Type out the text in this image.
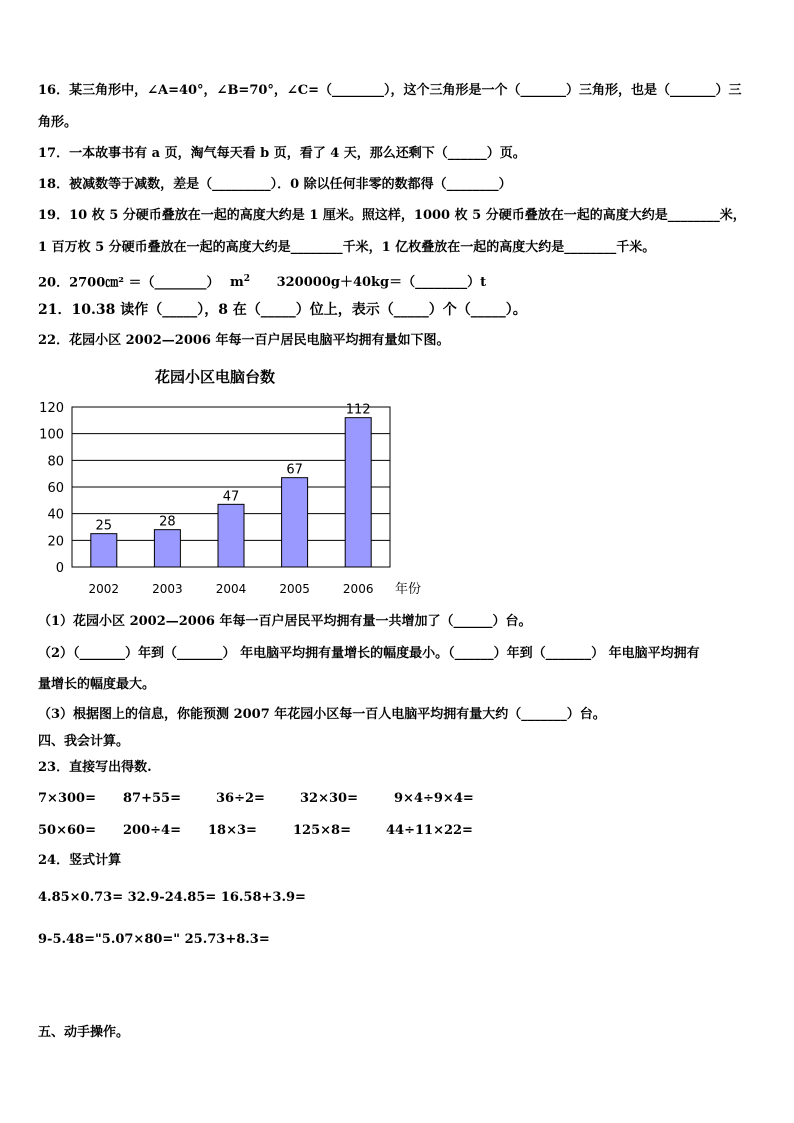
16．某三角形中，∠A=40°，∠B=70°，∠C=（________），这个三角形是一个（_______）三角形，也是（_______）三
角形。
17．一本故事书有 a 页，淘气每天看 b 页，看了 4 天，那么还剩下（______）页。
18．被减数等于减数，差是（_________）．0 除以任何非零的数都得（________）
19．10 枚 5 分硬币叠放在一起的高度大约是 1 厘米。照这样，1000 枚 5 分硬币叠放在一起的高度大约是________米，
1 百万枚 5 分硬币叠放在一起的高度大约是________千米，1 亿枚叠放在一起的高度大约是________千米。
20．2700㎝² ＝（________） $m^2$ 320000g＋40kg＝（________）t
21．10.38 读作（_____），8 在（_____）位上，表示（_____）个（_____）。
22．花园小区 2002—2006 年每一百户居民电脑平均拥有量如下图。
花园小区电脑台数
0
20
40
60
80
100
120
25
2002
28
2003
47
2004
67
2005
112
2006 年份
（1）花园小区 2002—2006 年每一百户居民平均拥有量一共增加了（______）台。
（2）（_______）年到（_______） 年电脑平均拥有量增长的幅度最小。（______）年到（_______） 年电脑平均拥有
量增长的幅度最大。
（3）根据图上的信息，你能预测 2007 年花园小区每一百人电脑平均拥有量大约（_______）台。
四、我会计算。
23．直接写出得数.
7×300= 87+55=	36÷2=	32×30=	9×4÷9×4=
50×60= 200÷4= 18×3=	125×8=	44÷11×22=
24．竖式计算
4.85×0.73= 32.9-24.85= 16.58+3.9=
9-5.48="5.07×80=" 25.73+8.3=
五、动手操作。
